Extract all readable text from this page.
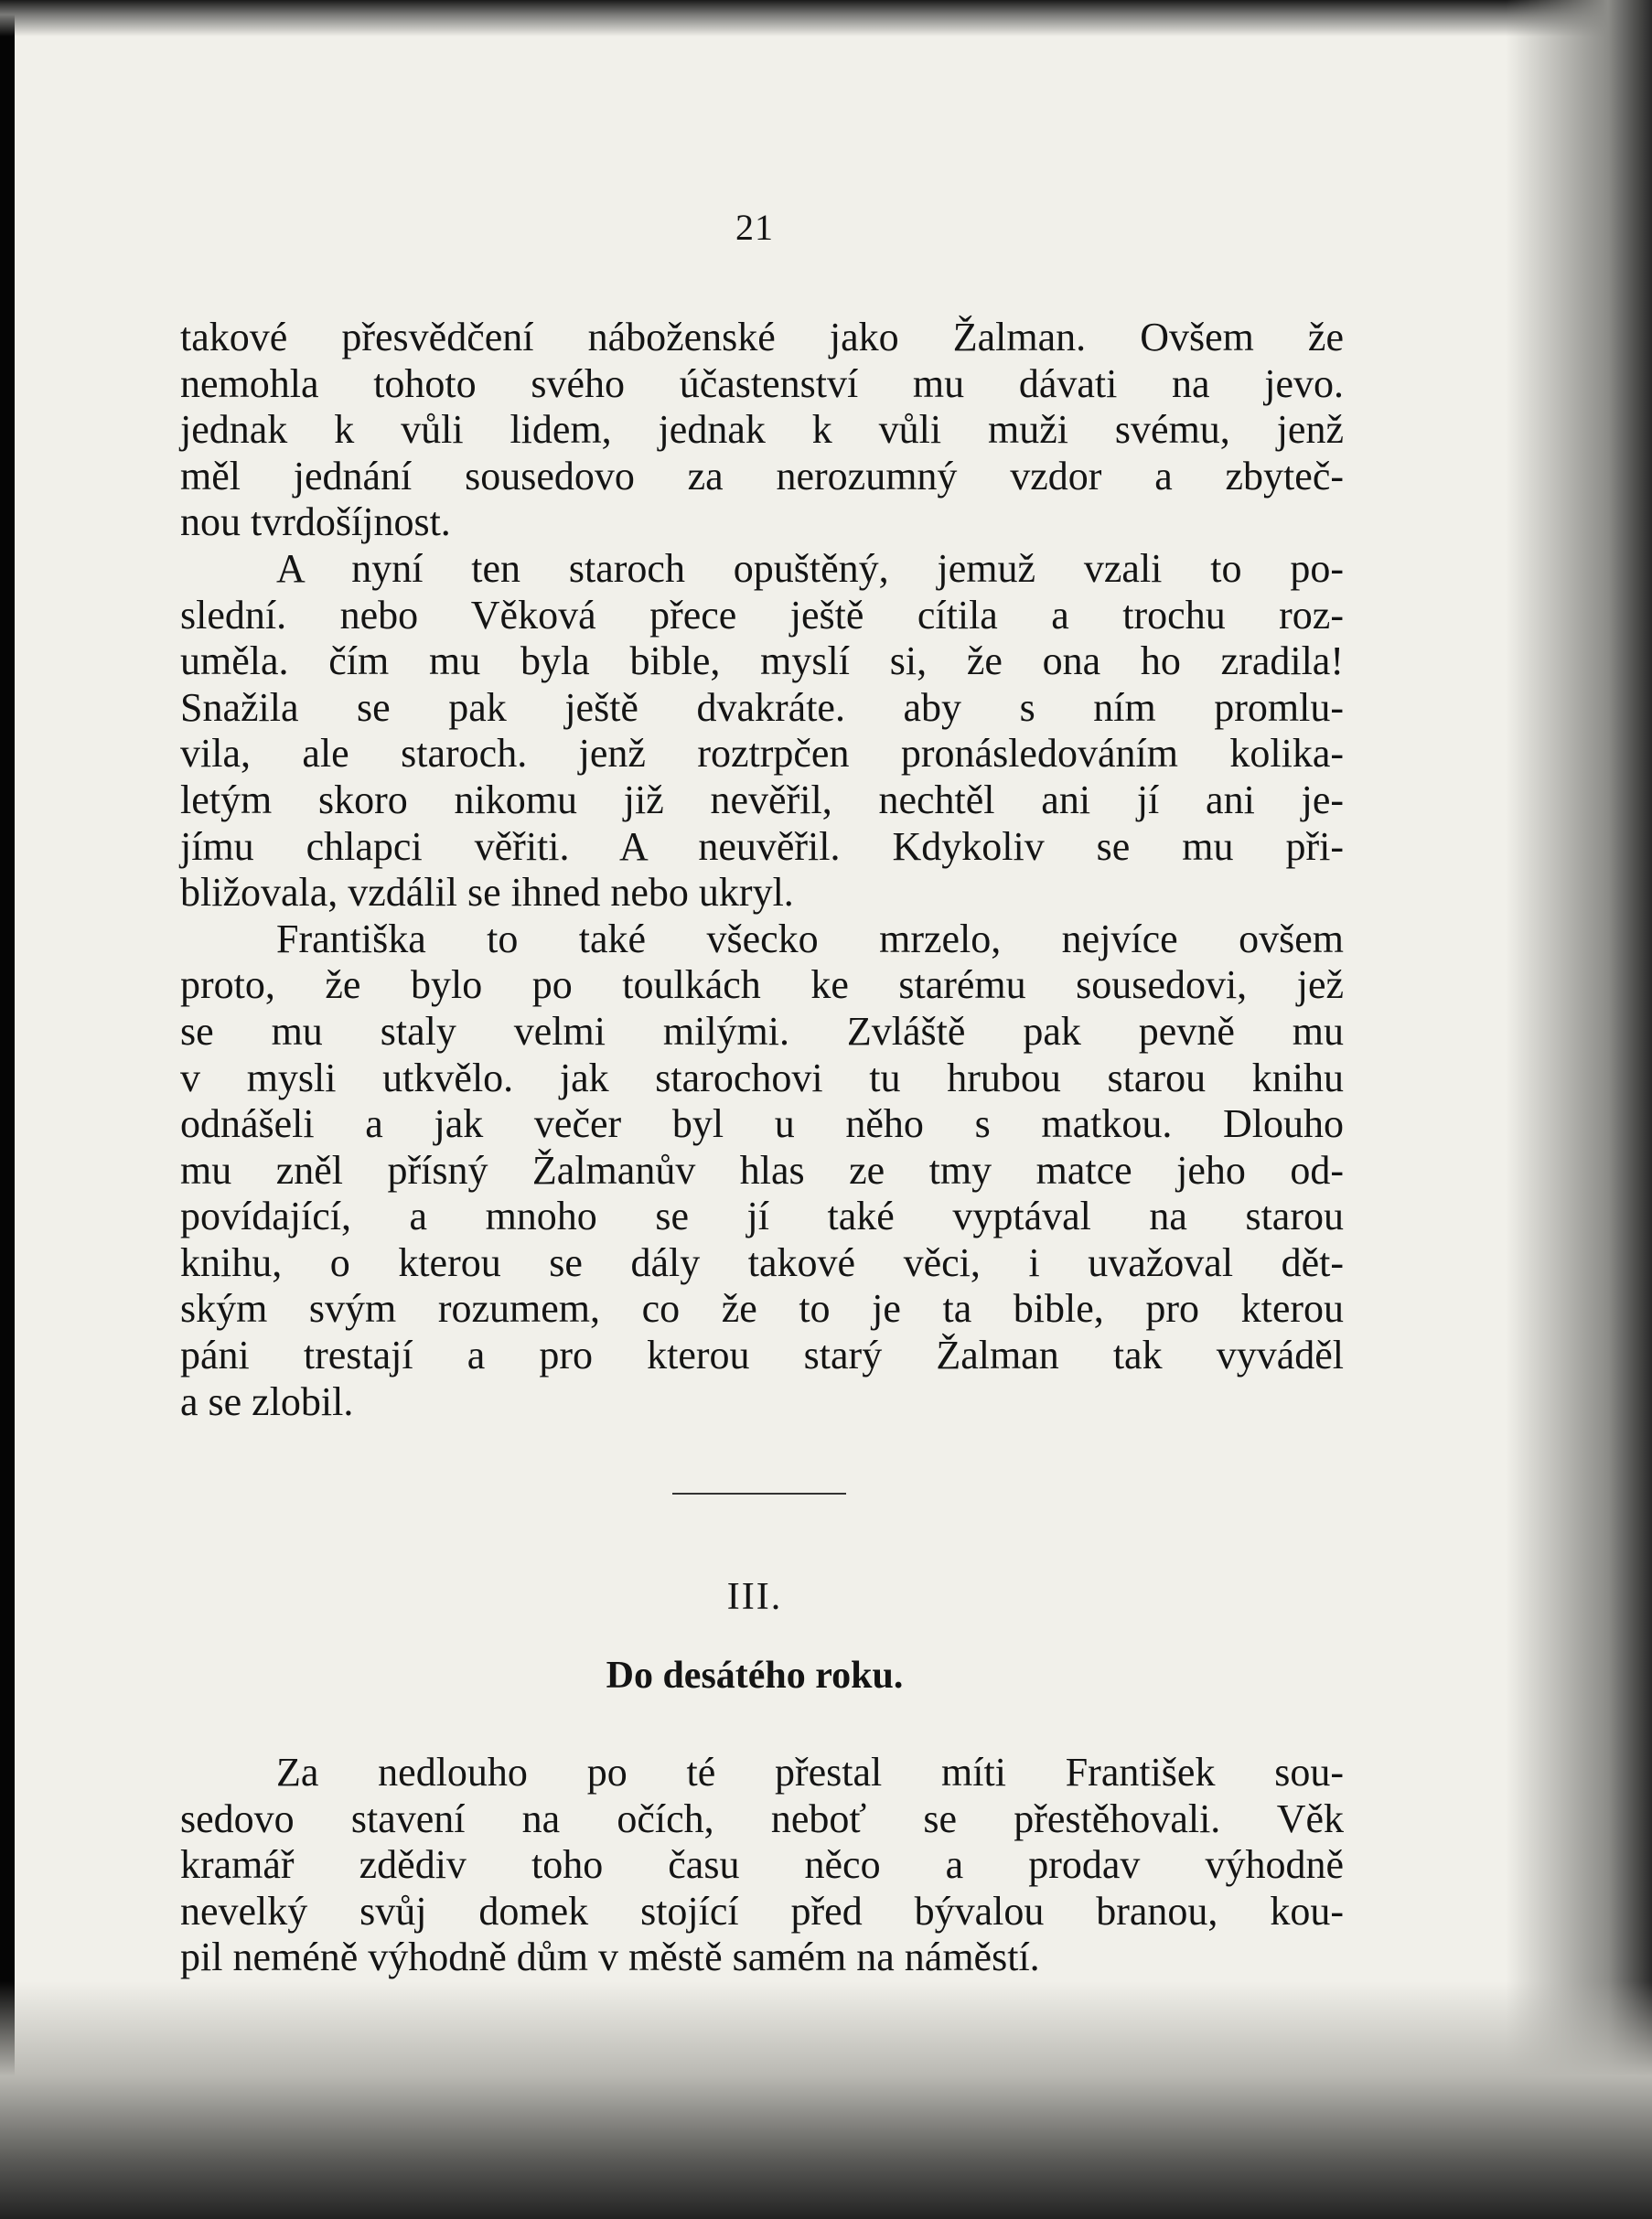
21

takové přesvědčení náboženské jako Žalman. Ovšem že
nemohla tohoto svého účastenství mu dávati na jevo.
jednak k vůli lidem, jednak k vůli muži svému, jenž
měl jednání sousedovo za nerozumný vzdor a zbyteč-
nou tvrdošíjnost.

A nyní ten staroch opuštěný, jemuž vzali to po-
slední. nebo Věková přece ještě cítila a trochu roz-
uměla. čím mu byla bible, myslí si, že ona ho zradila!
Snažila se pak ještě dvakráte. aby s ním promlu-
vila, ale staroch. jenž roztrpčen pronásledováním kolika-
letým skoro nikomu již nevěřil, nechtěl ani jí ani je-
jímu chlapci věřiti. A neuvěřil. Kdykoliv se mu při-
bližovala, vzdálil se ihned nebo ukryl.

Františka to také všecko mrzelo, nejvíce ovšem
proto, že bylo po toulkách ke starému sousedovi, jež
se mu staly velmi milými. Zvláště pak pevně mu
v mysli utkvělo. jak starochovi tu hrubou starou knihu
odnášeli a jak večer byl u něho s matkou. Dlouho
mu zněl přísný Žalmanův hlas ze tmy matce jeho od-
povídající, a mnoho se jí také vyptával na starou
knihu, o kterou se dály takové věci, i uvažoval dět-
ským svým rozumem, co že to je ta bible, pro kterou
páni trestají a pro kterou starý Žalman tak vyváděl
a se zlobil.

III.
Do desátého roku.

Za nedlouho po té přestal míti František sou-
sedovo stavení na očích, neboť se přestěhovali. Věk
kramář zdědiv toho času něco a prodav výhodně
nevelký svůj domek stojící před bývalou branou, kou-
pil neméně výhodně dům v městě samém na náměstí.
